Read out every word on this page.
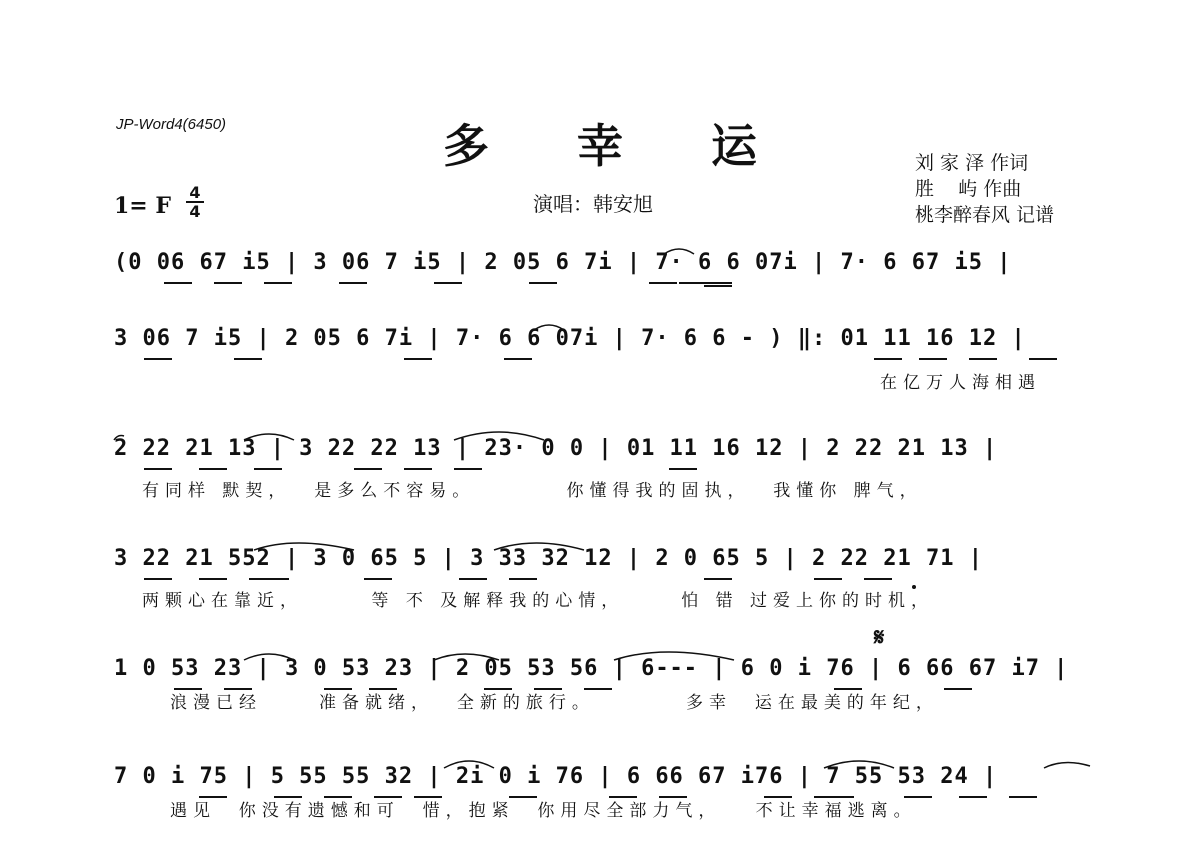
JP-Word4(6450)	多幸运	刘 家 泽 作词
胜    屿 作曲
桃李醉春风 记谱
演唱：韩安旭
1= F
4
4
(0 06 67 i5 | 3 06 7 i5 | 2 05 6 7i | 7· 6 6 07i | 7· 6 67 i5 |
3 06 7 i5 | 2 05 6 7i | 7· 6 6 07i | 7· 6 6 - ) ‖: 01 11 16 12 |
在亿万人海相遇
2 22 21 13 | 3 22 22 13 | 23· 0 0 | 01 11 16 12 | 2 22 21 13 |
有同样 默契，  是多么不容易。        你懂得我的固执，  我懂你 脾气，
3 22 21 552 | 3 0 65 5 | 3 33 32 12 | 2 0 65 5 | 2 22 21 71 |
两颗心在靠近，      等 不 及解释我的心情，     怕 错 过爱上你的时机，
1 0 53 23 | 3 0 53 23 | 2 05 53 56 | 6--- | 6 0 i 76 | 6 66 67 i7 |
𝄋
浪漫已经     准备就绪，  全新的旅行。        多幸  运在最美的年纪，
7 0 i 75 | 5 55 55 32 | 2i 0 i 76 | 6 66 67 i76 | 7 55 53 24 |
遇见  你没有遗憾和可  惜，抱紧  你用尽全部力气，   不让幸福逃离。
